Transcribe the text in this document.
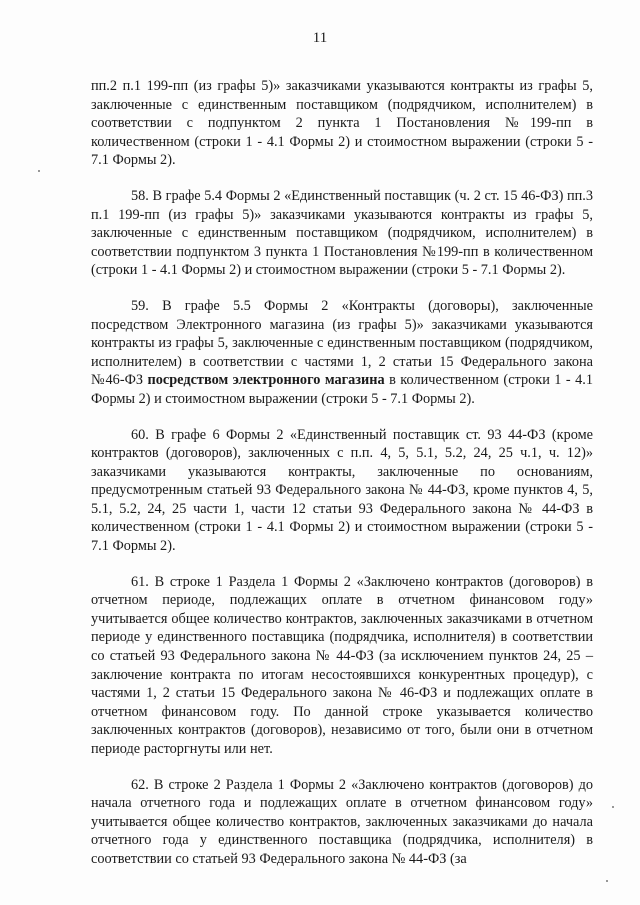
11

пп.2 п.1 199-пп (из графы 5)» заказчиками указываются контракты из графы 5, заключенные с единственным поставщиком (подрядчиком, исполнителем) в соответствии с подпунктом 2 пункта 1 Постановления №199-пп в количественном (строки 1 - 4.1 Формы 2) и стоимостном выражении (строки 5 - 7.1 Формы 2).

58. В графе 5.4 Формы 2 «Единственный поставщик (ч. 2 ст. 15 46-ФЗ) пп.3 п.1 199-пп (из графы 5)» заказчиками указываются контракты из графы 5, заключенные с единственным поставщиком (подрядчиком, исполнителем) в соответствии подпунктом 3 пункта 1 Постановления №199-пп в количественном (строки 1 - 4.1 Формы 2) и стоимостном выражении (строки 5 - 7.1 Формы 2).

59. В графе 5.5 Формы 2 «Контракты (договоры), заключенные посредством Электронного магазина (из графы 5)» заказчиками указываются контракты из графы 5, заключенные с единственным поставщиком (подрядчиком, исполнителем) в соответствии с частями 1, 2 статьи 15 Федерального закона №46-ФЗ посредством электронного магазина в количественном (строки 1 - 4.1 Формы 2) и стоимостном выражении (строки 5 - 7.1 Формы 2).

60. В графе 6 Формы 2 «Единственный поставщик ст. 93 44-ФЗ (кроме контрактов (договоров), заключенных с п.п. 4, 5, 5.1, 5.2, 24, 25 ч.1, ч. 12)» заказчиками указываются контракты, заключенные по основаниям, предусмотренным статьей 93 Федерального закона № 44-ФЗ, кроме пунктов 4, 5, 5.1, 5.2, 24, 25 части 1, части 12 статьи 93 Федерального закона № 44-ФЗ в количественном (строки 1 - 4.1 Формы 2) и стоимостном выражении (строки 5 - 7.1 Формы 2).

61. В строке 1 Раздела 1 Формы 2 «Заключено контрактов (договоров) в отчетном периоде, подлежащих оплате в отчетном финансовом году» учитывается общее количество контрактов, заключенных заказчиками в отчетном периоде у единственного поставщика (подрядчика, исполнителя) в соответствии со статьей 93 Федерального закона № 44-ФЗ (за исключением пунктов 24, 25 – заключение контракта по итогам несостоявшихся конкурентных процедур), с частями 1, 2 статьи 15 Федерального закона № 46-ФЗ и подлежащих оплате в отчетном финансовом году. По данной строке указывается количество заключенных контрактов (договоров), независимо от того, были они в отчетном периоде расторгнуты или нет.

62. В строке 2 Раздела 1 Формы 2 «Заключено контрактов (договоров) до начала отчетного года и подлежащих оплате в отчетном финансовом году» учитывается общее количество контрактов, заключенных заказчиками до начала отчетного года у единственного поставщика (подрядчика, исполнителя) в соответствии со статьей 93 Федерального закона № 44-ФЗ (за
